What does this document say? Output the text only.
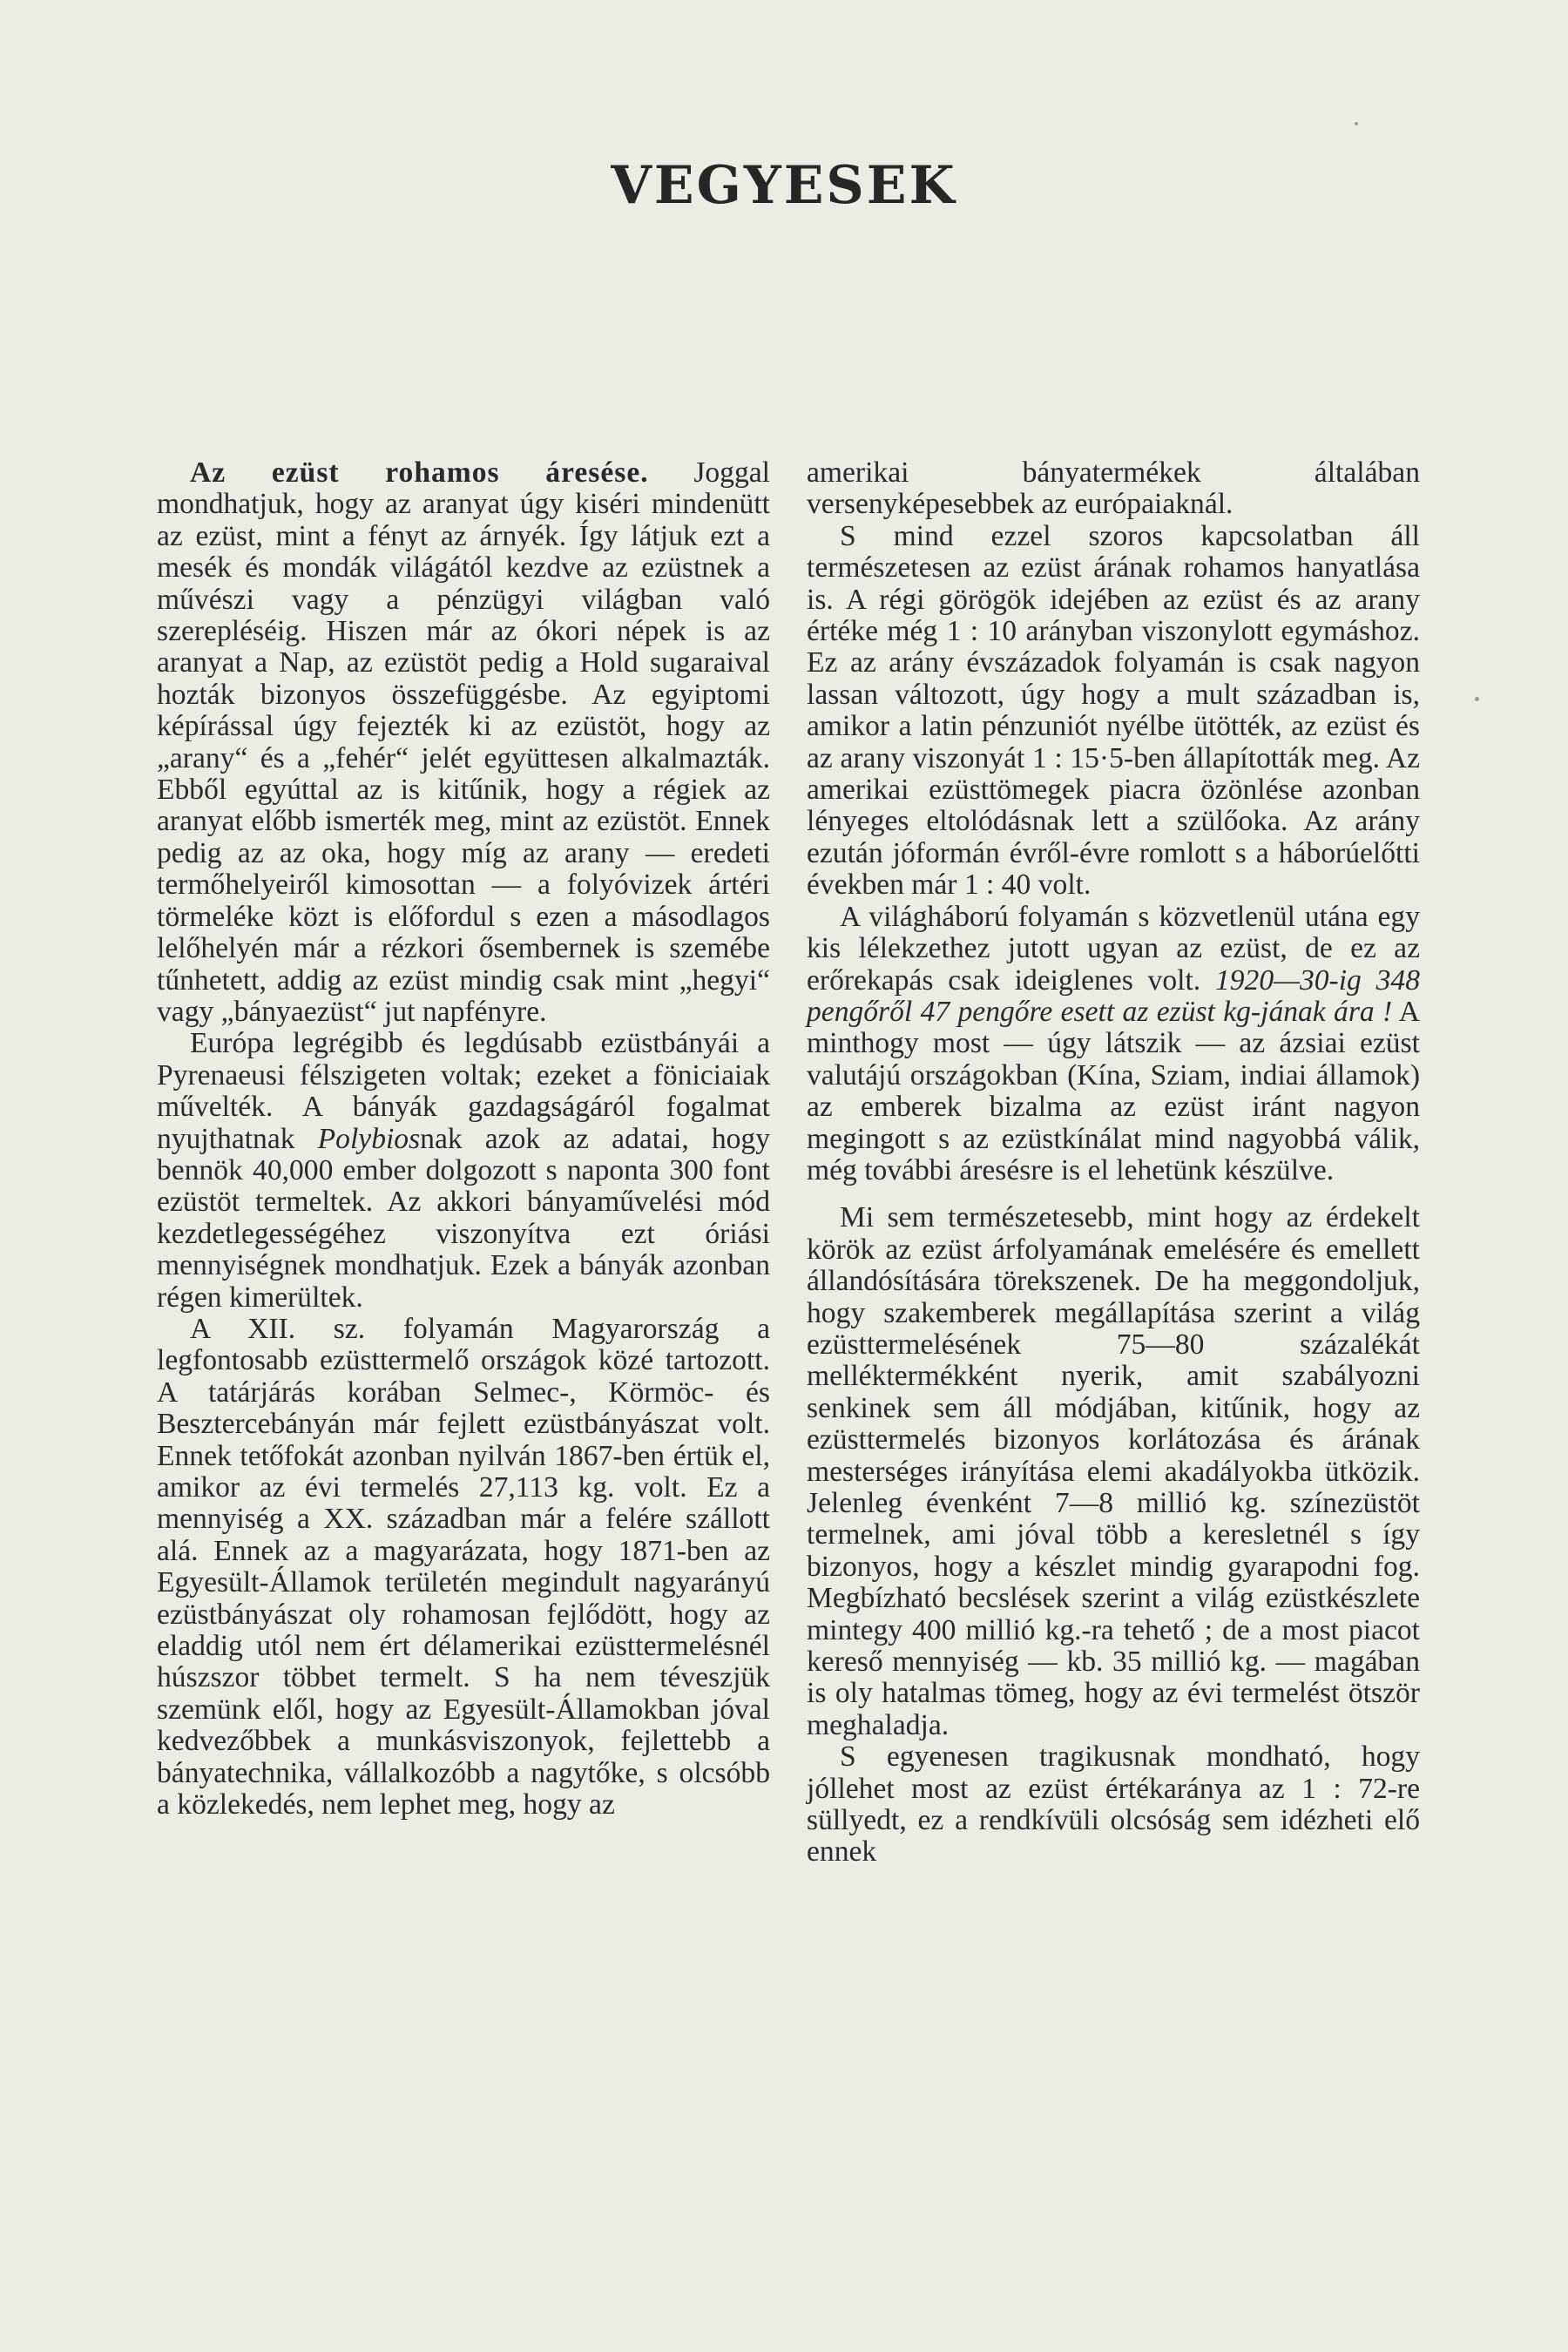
VEGYESEK

Az ezüst rohamos áresése. Joggal mondhatjuk, hogy az aranyat úgy kiséri mindenütt az ezüst, mint a fényt az árnyék. Így látjuk ezt a mesék és mondák világától kezdve az ezüstnek a művészi vagy a pénzügyi világban való szerepléséig. Hiszen már az ókori népek is az aranyat a Nap, az ezüstöt pedig a Hold sugaraival hozták bizonyos összefüggésbe. Az egyiptomi képírással úgy fejezték ki az ezüstöt, hogy az „arany“ és a „fehér“ jelét együttesen alkalmazták. Ebből egyúttal az is kitűnik, hogy a régiek az aranyat előbb ismerték meg, mint az ezüstöt. Ennek pedig az az oka, hogy míg az arany — eredeti termőhelyeiről kimosottan — a folyóvizek ártéri törmeléke közt is előfordul s ezen a másodlagos lelőhelyén már a rézkori ősembernek is szemébe tűnhetett, addig az ezüst mindig csak mint „hegyi“ vagy „bányaezüst“ jut napfényre.

Európa legrégibb és legdúsabb ezüstbányái a Pyrenaeusi félszigeten voltak; ezeket a föniciaiak művelték. A bányák gazdagságáról fogalmat nyujthatnak Polybiosnak azok az adatai, hogy bennök 40,000 ember dolgozott s naponta 300 font ezüstöt termeltek. Az akkori bányaművelési mód kezdetlegességéhez viszonyítva ezt óriási mennyiségnek mondhatjuk. Ezek a bányák azonban régen kimerültek.

A XII. sz. folyamán Magyarország a legfontosabb ezüsttermelő országok közé tartozott. A tatárjárás korában Selmec-, Körmöc- és Besztercebányán már fejlett ezüstbányászat volt. Ennek tetőfokát azonban nyilván 1867-ben értük el, amikor az évi termelés 27,113 kg. volt. Ez a mennyiség a XX. században már a felére szállott alá. Ennek az a magyarázata, hogy 1871-ben az Egyesült-Államok területén megindult nagyarányú ezüstbányászat oly rohamosan fejlődött, hogy az eladdig utól nem ért délamerikai ezüsttermelésnél húszszor többet termelt. S ha nem téveszjük szemünk elől, hogy az Egyesült-Államokban jóval kedvezőbbek a munkásviszonyok, fejlettebb a bányatechnika, vállalkozóbb a nagytőke, s olcsóbb a közlekedés, nem lephet meg, hogy az

amerikai bányatermékek általában versenyképesebbek az európaiaknál.

S mind ezzel szoros kapcsolatban áll természetesen az ezüst árának rohamos hanyatlása is. A régi görögök idejében az ezüst és az arany értéke még 1 : 10 arányban viszonylott egymáshoz. Ez az arány évszázadok folyamán is csak nagyon lassan változott, úgy hogy a mult században is, amikor a latin pénzuniót nyélbe ütötték, az ezüst és az arany viszonyát 1 : 15·5-ben állapították meg. Az amerikai ezüsttömegek piacra özönlése azonban lényeges eltolódásnak lett a szülőoka. Az arány ezután jóformán évről-évre romlott s a háborúelőtti években már 1 : 40 volt.

A világháború folyamán s közvetlenül utána egy kis lélekzethez jutott ugyan az ezüst, de ez az erőrekapás csak ideiglenes volt. 1920—30-ig 348 pengőről 47 pengőre esett az ezüst kg-jának ára ! A minthogy most — úgy látszik — az ázsiai ezüst valutájú országokban (Kína, Sziam, indiai államok) az emberek bizalma az ezüst iránt nagyon megingott s az ezüstkínálat mind nagyobbá válik, még további áresésre is el lehetünk készülve.

Mi sem természetesebb, mint hogy az érdekelt körök az ezüst árfolyamának emelésére és emellett állandósítására törekszenek. De ha meggondoljuk, hogy szakemberek megállapítása szerint a világ ezüsttermelésének 75—80 százalékát melléktermékként nyerik, amit szabályozni senkinek sem áll módjában, kitűnik, hogy az ezüsttermelés bizonyos korlátozása és árának mesterséges irányítása elemi akadályokba ütközik. Jelenleg évenként 7—8 millió kg. színezüstöt termelnek, ami jóval több a keresletnél s így bizonyos, hogy a készlet mindig gyarapodni fog. Megbízható becslések szerint a világ ezüstkészlete mintegy 400 millió kg.-ra tehető ; de a most piacot kereső mennyiség — kb. 35 millió kg. — magában is oly hatalmas tömeg, hogy az évi termelést ötször meghaladja.

S egyenesen tragikusnak mondható, hogy jóllehet most az ezüst értékaránya az 1 : 72-re süllyedt, ez a rendkívüli olcsóság sem idézheti elő ennek
